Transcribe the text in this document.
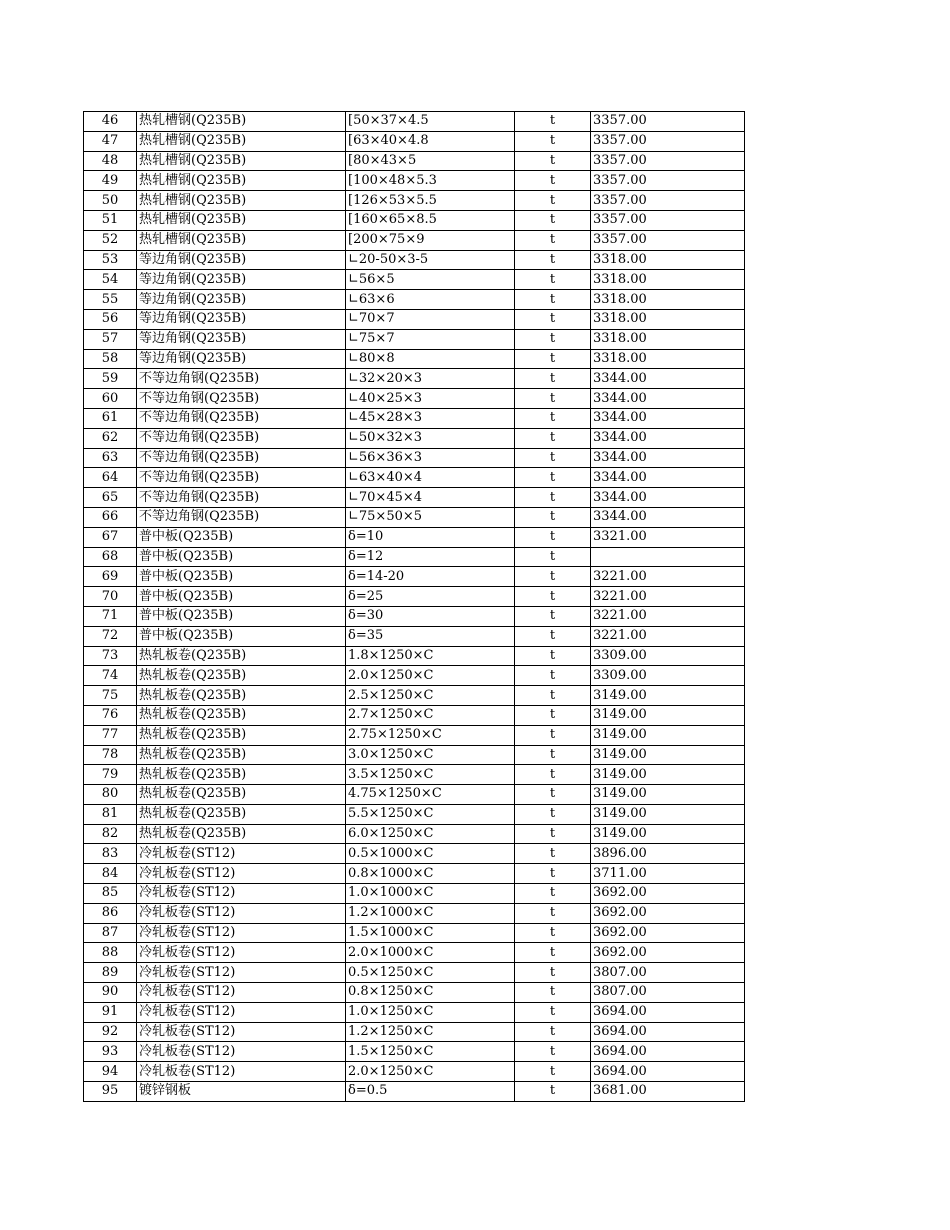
46	热轧槽钢(Q235B)	[50×37×4.5	t	3357.00
47	热轧槽钢(Q235B)	[63×40×4.8	t	3357.00
48	热轧槽钢(Q235B)	[80×43×5	t	3357.00
49	热轧槽钢(Q235B)	[100×48×5.3	t	3357.00
50	热轧槽钢(Q235B)	[126×53×5.5	t	3357.00
51	热轧槽钢(Q235B)	[160×65×8.5	t	3357.00
52	热轧槽钢(Q235B)	[200×75×9	t	3357.00
53	等边角钢(Q235B)	∟20-50×3-5	t	3318.00
54	等边角钢(Q235B)	∟56×5	t	3318.00
55	等边角钢(Q235B)	∟63×6	t	3318.00
56	等边角钢(Q235B)	∟70×7	t	3318.00
57	等边角钢(Q235B)	∟75×7	t	3318.00
58	等边角钢(Q235B)	∟80×8	t	3318.00
59	不等边角钢(Q235B)	∟32×20×3	t	3344.00
60	不等边角钢(Q235B)	∟40×25×3	t	3344.00
61	不等边角钢(Q235B)	∟45×28×3	t	3344.00
62	不等边角钢(Q235B)	∟50×32×3	t	3344.00
63	不等边角钢(Q235B)	∟56×36×3	t	3344.00
64	不等边角钢(Q235B)	∟63×40×4	t	3344.00
65	不等边角钢(Q235B)	∟70×45×4	t	3344.00
66	不等边角钢(Q235B)	∟75×50×5	t	3344.00
67	普中板(Q235B)	δ=10	t	3321.00
68	普中板(Q235B)	δ=12	t	
69	普中板(Q235B)	δ=14-20	t	3221.00
70	普中板(Q235B)	δ=25	t	3221.00
71	普中板(Q235B)	δ=30	t	3221.00
72	普中板(Q235B)	δ=35	t	3221.00
73	热轧板卷(Q235B)	1.8×1250×C	t	3309.00
74	热轧板卷(Q235B)	2.0×1250×C	t	3309.00
75	热轧板卷(Q235B)	2.5×1250×C	t	3149.00
76	热轧板卷(Q235B)	2.7×1250×C	t	3149.00
77	热轧板卷(Q235B)	2.75×1250×C	t	3149.00
78	热轧板卷(Q235B)	3.0×1250×C	t	3149.00
79	热轧板卷(Q235B)	3.5×1250×C	t	3149.00
80	热轧板卷(Q235B)	4.75×1250×C	t	3149.00
81	热轧板卷(Q235B)	5.5×1250×C	t	3149.00
82	热轧板卷(Q235B)	6.0×1250×C	t	3149.00
83	冷轧板卷(ST12)	0.5×1000×C	t	3896.00
84	冷轧板卷(ST12)	0.8×1000×C	t	3711.00
85	冷轧板卷(ST12)	1.0×1000×C	t	3692.00
86	冷轧板卷(ST12)	1.2×1000×C	t	3692.00
87	冷轧板卷(ST12)	1.5×1000×C	t	3692.00
88	冷轧板卷(ST12)	2.0×1000×C	t	3692.00
89	冷轧板卷(ST12)	0.5×1250×C	t	3807.00
90	冷轧板卷(ST12)	0.8×1250×C	t	3807.00
91	冷轧板卷(ST12)	1.0×1250×C	t	3694.00
92	冷轧板卷(ST12)	1.2×1250×C	t	3694.00
93	冷轧板卷(ST12)	1.5×1250×C	t	3694.00
94	冷轧板卷(ST12)	2.0×1250×C	t	3694.00
95	镀锌钢板	δ=0.5	t	3681.00
